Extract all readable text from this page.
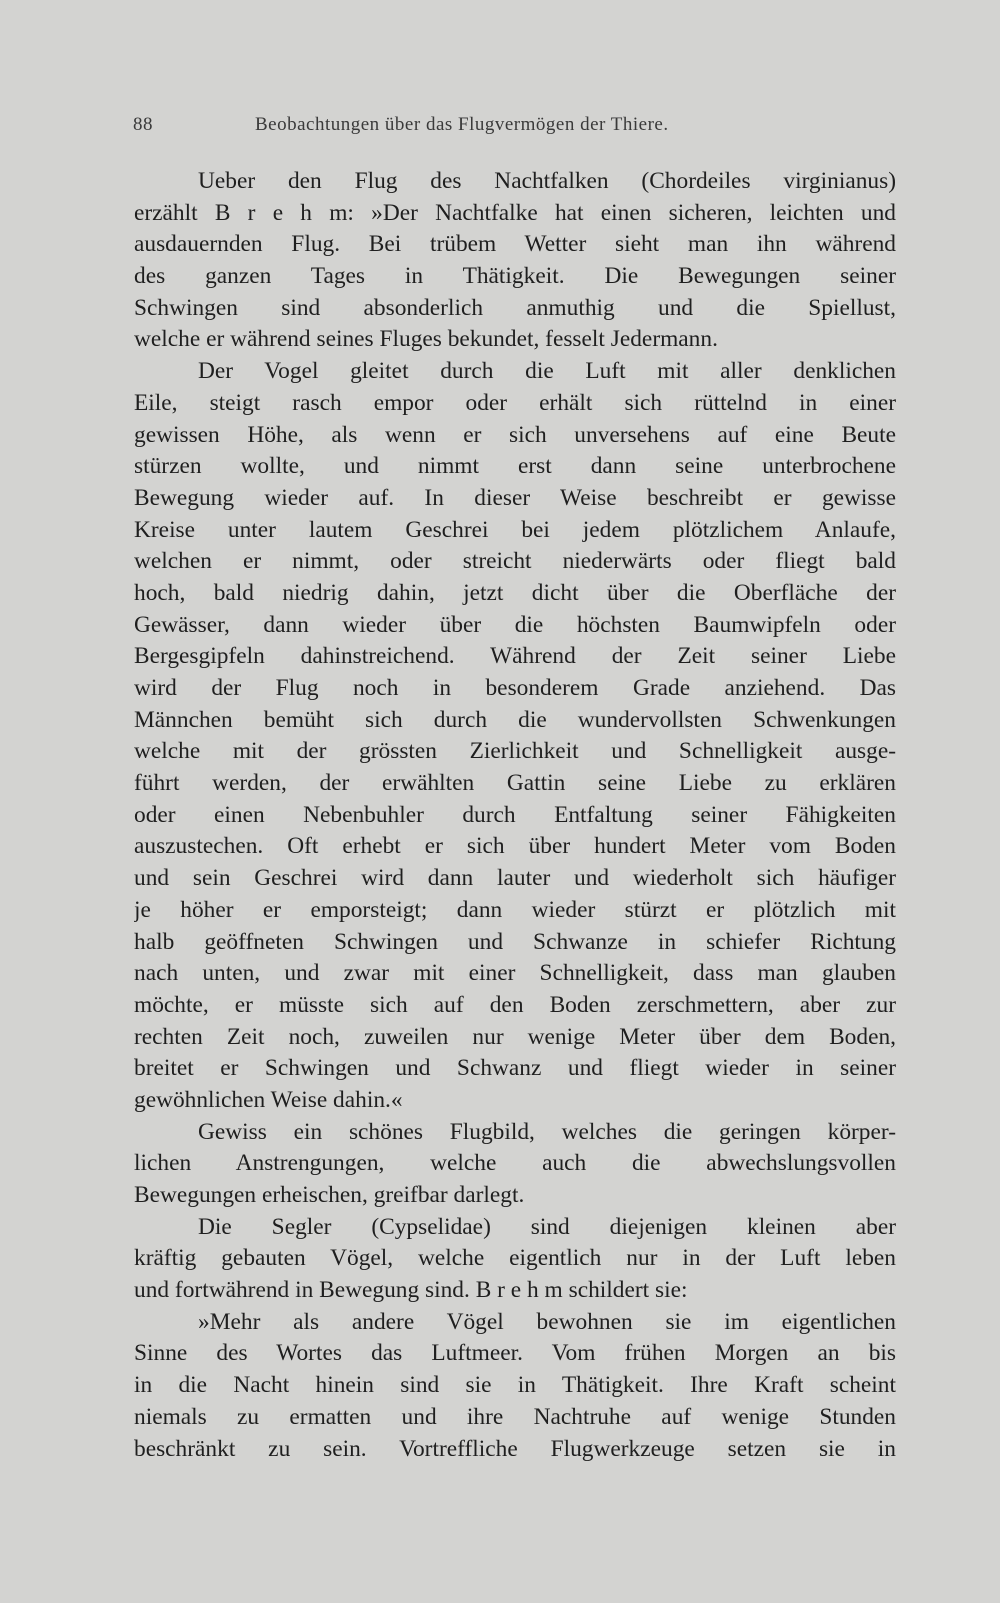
88	Beobachtungen über das Flugvermögen der Thiere.
Ueber den Flug des Nachtfalken (Chordeiles virginianus)
erzählt B r e h m: »Der Nachtfalke hat einen sicheren, leichten und
ausdauernden Flug. Bei trübem Wetter sieht man ihn während
des ganzen Tages in Thätigkeit. Die Bewegungen seiner
Schwingen sind absonderlich anmuthig und die Spiellust,
welche er während seines Fluges bekundet, fesselt Jedermann.
Der Vogel gleitet durch die Luft mit aller denklichen
Eile, steigt rasch empor oder erhält sich rüttelnd in einer
gewissen Höhe, als wenn er sich unversehens auf eine Beute
stürzen wollte, und nimmt erst dann seine unterbrochene
Bewegung wieder auf. In dieser Weise beschreibt er gewisse
Kreise unter lautem Geschrei bei jedem plötzlichem Anlaufe,
welchen er nimmt, oder streicht niederwärts oder fliegt bald
hoch, bald niedrig dahin, jetzt dicht über die Oberfläche der
Gewässer, dann wieder über die höchsten Baumwipfeln oder
Bergesgipfeln dahinstreichend. Während der Zeit seiner Liebe
wird der Flug noch in besonderem Grade anziehend. Das
Männchen bemüht sich durch die wundervollsten Schwenkungen
welche mit der grössten Zierlichkeit und Schnelligkeit ausge-
führt werden, der erwählten Gattin seine Liebe zu erklären
oder einen Nebenbuhler durch Entfaltung seiner Fähigkeiten
auszustechen. Oft erhebt er sich über hundert Meter vom Boden
und sein Geschrei wird dann lauter und wiederholt sich häufiger
je höher er emporsteigt; dann wieder stürzt er plötzlich mit
halb geöffneten Schwingen und Schwanze in schiefer Richtung
nach unten, und zwar mit einer Schnelligkeit, dass man glauben
möchte, er müsste sich auf den Boden zerschmettern, aber zur
rechten Zeit noch, zuweilen nur wenige Meter über dem Boden,
breitet er Schwingen und Schwanz und fliegt wieder in seiner
gewöhnlichen Weise dahin.«
Gewiss ein schönes Flugbild, welches die geringen körper-
lichen Anstrengungen, welche auch die abwechslungsvollen
Bewegungen erheischen, greifbar darlegt.
Die Segler (Cypselidae) sind diejenigen kleinen aber
kräftig gebauten Vögel, welche eigentlich nur in der Luft leben
und fortwährend in Bewegung sind. B r e h m schildert sie:
»Mehr als andere Vögel bewohnen sie im eigentlichen
Sinne des Wortes das Luftmeer. Vom frühen Morgen an bis
in die Nacht hinein sind sie in Thätigkeit. Ihre Kraft scheint
niemals zu ermatten und ihre Nachtruhe auf wenige Stunden
beschränkt zu sein. Vortreffliche Flugwerkzeuge setzen sie in
